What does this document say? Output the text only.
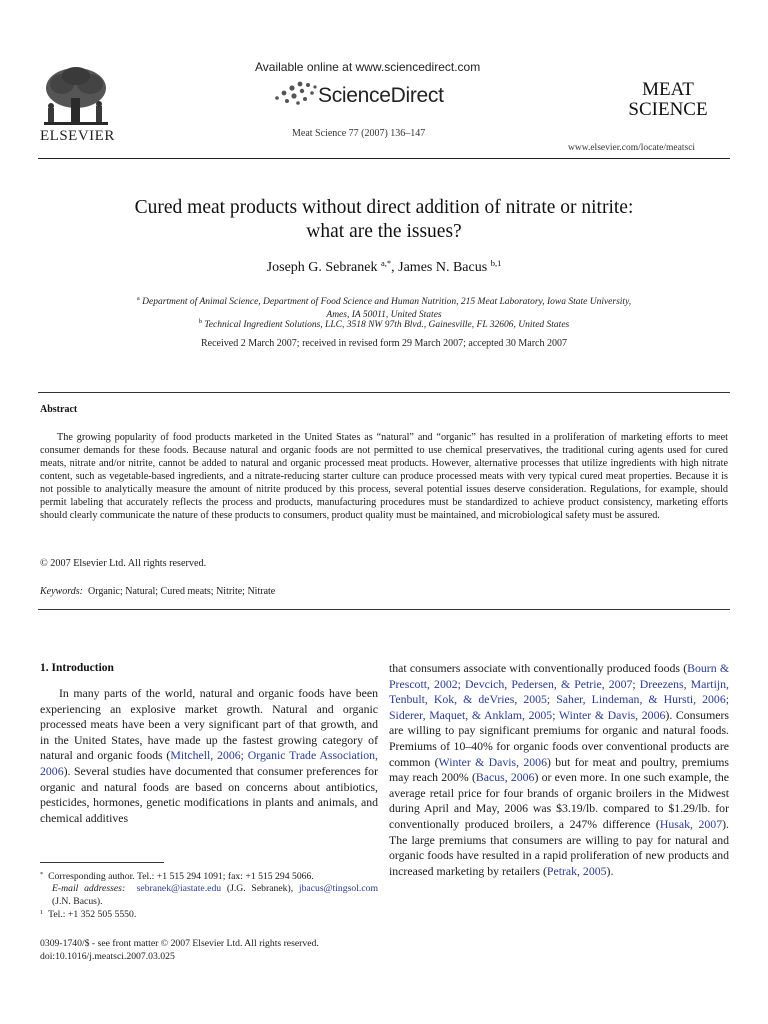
ELSEVIER
Available online at www.sciencedirect.com
ScienceDirect
Meat Science 77 (2007) 136–147
MEAT
SCIENCE
www.elsevier.com/locate/meatsci
Cured meat products without direct addition of nitrate or nitrite:
what are the issues?
Joseph G. Sebranek $^{a,*}$, James N. Bacus $^{b,1}$
$^a$ Department of Animal Science, Department of Food Science and Human Nutrition, 215 Meat Laboratory, Iowa State University,
Ames, IA 50011, United States
$^b$ Technical Ingredient Solutions, LLC, 3518 NW 97th Blvd., Gainesville, FL 32606, United States
Received 2 March 2007; received in revised form 29 March 2007; accepted 30 March 2007
Abstract
The growing popularity of food products marketed in the United States as “natural” and “organic” has resulted in a proliferation of marketing efforts to meet consumer demands for these foods. Because natural and organic foods are not permitted to use chemical preservatives, the traditional curing agents used for cured meats, nitrate and/or nitrite, cannot be added to natural and organic processed meat products. However, alternative processes that utilize ingredients with high nitrate content, such as vegetable-based ingredients, and a nitrate-reducing starter culture can produce processed meats with very typical cured meat properties. Because it is not possible to analytically measure the amount of nitrite produced by this process, several potential issues deserve consideration. Regulations, for example, should permit labeling that accurately reflects the process and products, manufacturing procedures must be standardized to achieve product consistency, marketing efforts should clearly communicate the nature of these products to consumers, product quality must be maintained, and microbiological safety must be assured.
© 2007 Elsevier Ltd. All rights reserved.
Keywords: Organic; Natural; Cured meats; Nitrite; Nitrate
1. Introduction
In many parts of the world, natural and organic foods have been experiencing an explosive market growth. Natural and organic processed meats have been a very significant part of that growth, and in the United States, have made up the fastest growing category of natural and organic foods (Mitchell, 2006; Organic Trade Association, 2006). Several studies have documented that consumer preferences for organic and natural foods are based on concerns about antibiotics, pesticides, hormones, genetic modifications in plants and animals, and chemical additives
that consumers associate with conventionally produced foods (Bourn & Prescott, 2002; Devcich, Pedersen, & Petrie, 2007; Dreezens, Martijn, Tenbult, Kok, & deVries, 2005; Saher, Lindeman, & Hursti, 2006; Siderer, Maquet, & Anklam, 2005; Winter & Davis, 2006). Consumers are willing to pay significant premiums for organic and natural foods. Premiums of 10–40% for organic foods over conventional products are common (Winter & Davis, 2006) but for meat and poultry, premiums may reach 200% (Bacus, 2006) or even more. In one such example, the average retail price for four brands of organic broilers in the Midwest during April and May, 2006 was $3.19/lb. compared to $1.29/lb. for conventionally produced broilers, a 247% difference (Husak, 2007). The large premiums that consumers are willing to pay for natural and organic foods have resulted in a rapid proliferation of new products and increased marketing by retailers (Petrak, 2005).
* Corresponding author. Tel.: +1 515 294 1091; fax: +1 515 294 5066.
E-mail addresses: sebranek@iastate.edu (J.G. Sebranek), jbacus@tingsol.com (J.N. Bacus).
$^1$ Tel.: +1 352 505 5550.
0309-1740/$ - see front matter © 2007 Elsevier Ltd. All rights reserved.
doi:10.1016/j.meatsci.2007.03.025
